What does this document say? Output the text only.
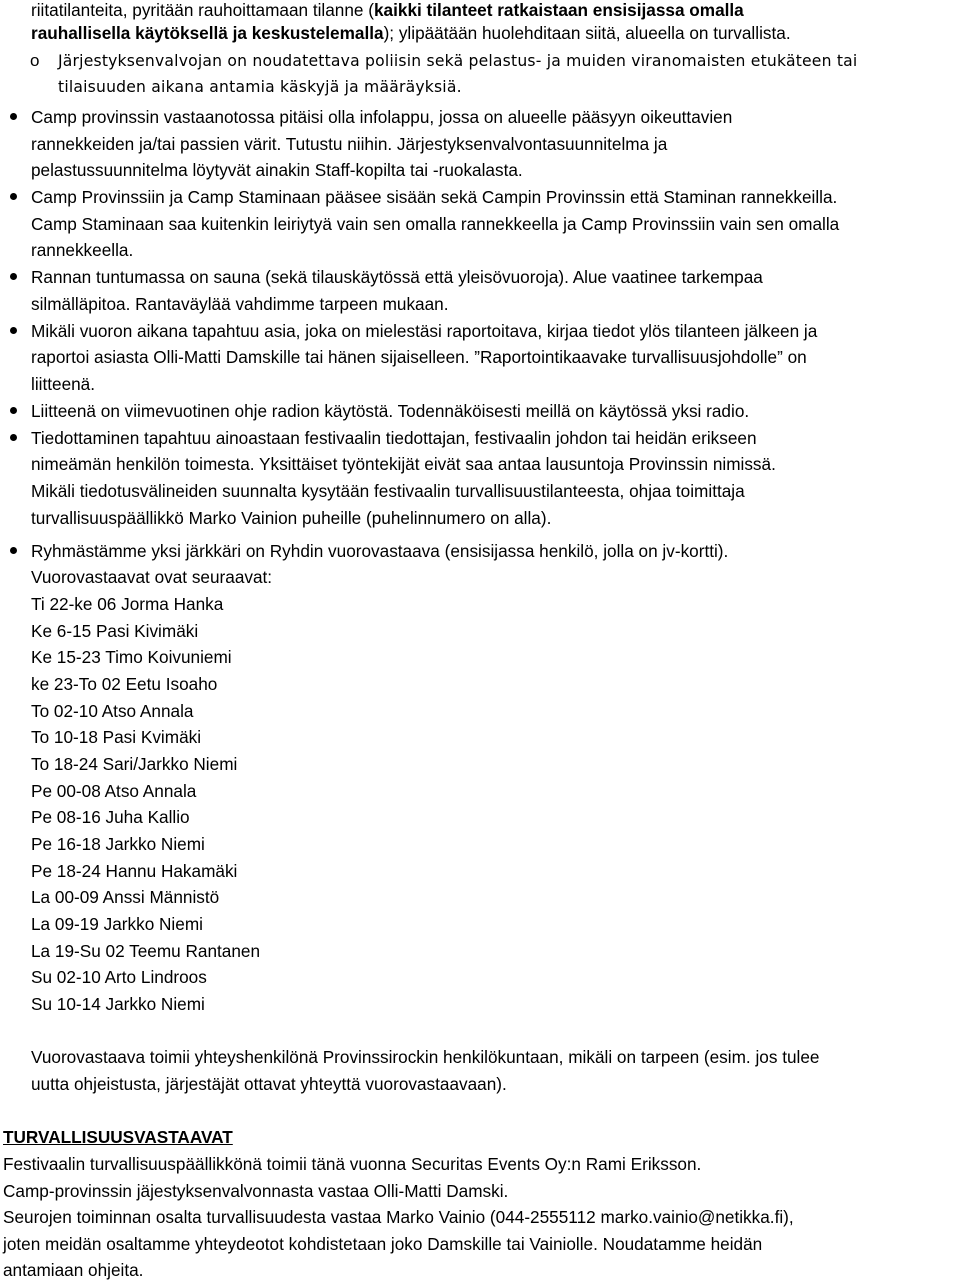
riitatilanteita, pyritään rauhoittamaan tilanne (kaikki tilanteet ratkaistaan ensisijassa omalla
rauhallisella käytöksellä ja keskustelemalla); ylipäätään huolehditaan siitä, alueella on turvallista.
o Järjestyksenvalvojan on noudatettava poliisin sekä pelastus- ja muiden viranomaisten etukäteen tai
tilaisuuden aikana antamia käskyjä ja määräyksiä.
Camp provinssin vastaanotossa pitäisi olla infolappu, jossa on alueelle pääsyyn oikeuttavien
rannekkeiden ja/tai passien värit. Tutustu niihin. Järjestyksenvalvontasuunnitelma ja
pelastussuunnitelma löytyvät ainakin Staff-kopilta tai -ruokalasta.
Camp Provinssiin ja Camp Staminaan pääsee sisään sekä Campin Provinssin että Staminan rannekkeilla.
Camp Staminaan saa kuitenkin leiriytyä vain sen omalla rannekkeella ja Camp Provinssiin vain sen omalla
rannekkeella.
Rannan tuntumassa on sauna (sekä tilauskäytössä että yleisövuoroja). Alue vaatinee tarkempaa
silmälläpitoa. Rantaväylää vahdimme tarpeen mukaan.
Mikäli vuoron aikana tapahtuu asia, joka on mielestäsi raportoitava, kirjaa tiedot ylös tilanteen jälkeen ja
raportoi asiasta Olli-Matti Damskille tai hänen sijaiselleen. ”Raportointikaavake turvallisuusjohdolle” on
liitteenä.
Liitteenä on viimevuotinen ohje radion käytöstä. Todennäköisesti meillä on käytössä yksi radio.
Tiedottaminen tapahtuu ainoastaan festivaalin tiedottajan, festivaalin johdon tai heidän erikseen
nimeämän henkilön toimesta. Yksittäiset työntekijät eivät saa antaa lausuntoja Provinssin nimissä.
Mikäli tiedotusvälineiden suunnalta kysytään festivaalin turvallisuustilanteesta, ohjaa toimittaja
turvallisuuspäällikkö Marko Vainion puheille (puhelinnumero on alla).
Ryhmästämme yksi järkkäri on Ryhdin vuorovastaava (ensisijassa henkilö, jolla on jv-kortti).
Vuorovastaavat ovat seuraavat:
Ti 22-ke 06 Jorma Hanka
Ke 6-15 Pasi Kivimäki
Ke 15-23 Timo Koivuniemi
ke 23-To 02 Eetu Isoaho
To 02-10 Atso Annala
To 10-18 Pasi Kvimäki
To 18-24 Sari/Jarkko Niemi
Pe 00-08 Atso Annala
Pe 08-16 Juha Kallio
Pe 16-18 Jarkko Niemi
Pe 18-24 Hannu Hakamäki
La 00-09 Anssi Männistö
La 09-19 Jarkko Niemi
La 19-Su 02 Teemu Rantanen
Su 02-10 Arto Lindroos
Su 10-14 Jarkko Niemi
Vuorovastaava toimii yhteyshenkilönä Provinssirockin henkilökuntaan, mikäli on tarpeen (esim. jos tulee
uutta ohjeistusta, järjestäjät ottavat yhteyttä vuorovastaavaan).
TURVALLISUUSVASTAAVAT
Festivaalin turvallisuuspäällikkönä toimii tänä vuonna Securitas Events Oy:n Rami Eriksson.
Camp-provinssin jäjestyksenvalvonnasta vastaa Olli-Matti Damski.
Seurojen toiminnan osalta turvallisuudesta vastaa Marko Vainio (044-2555112 marko.vainio@netikka.fi),
joten meidän osaltamme yhteydeotot kohdistetaan joko Damskille tai Vainiolle. Noudatamme heidän
antamiaan ohjeita.
